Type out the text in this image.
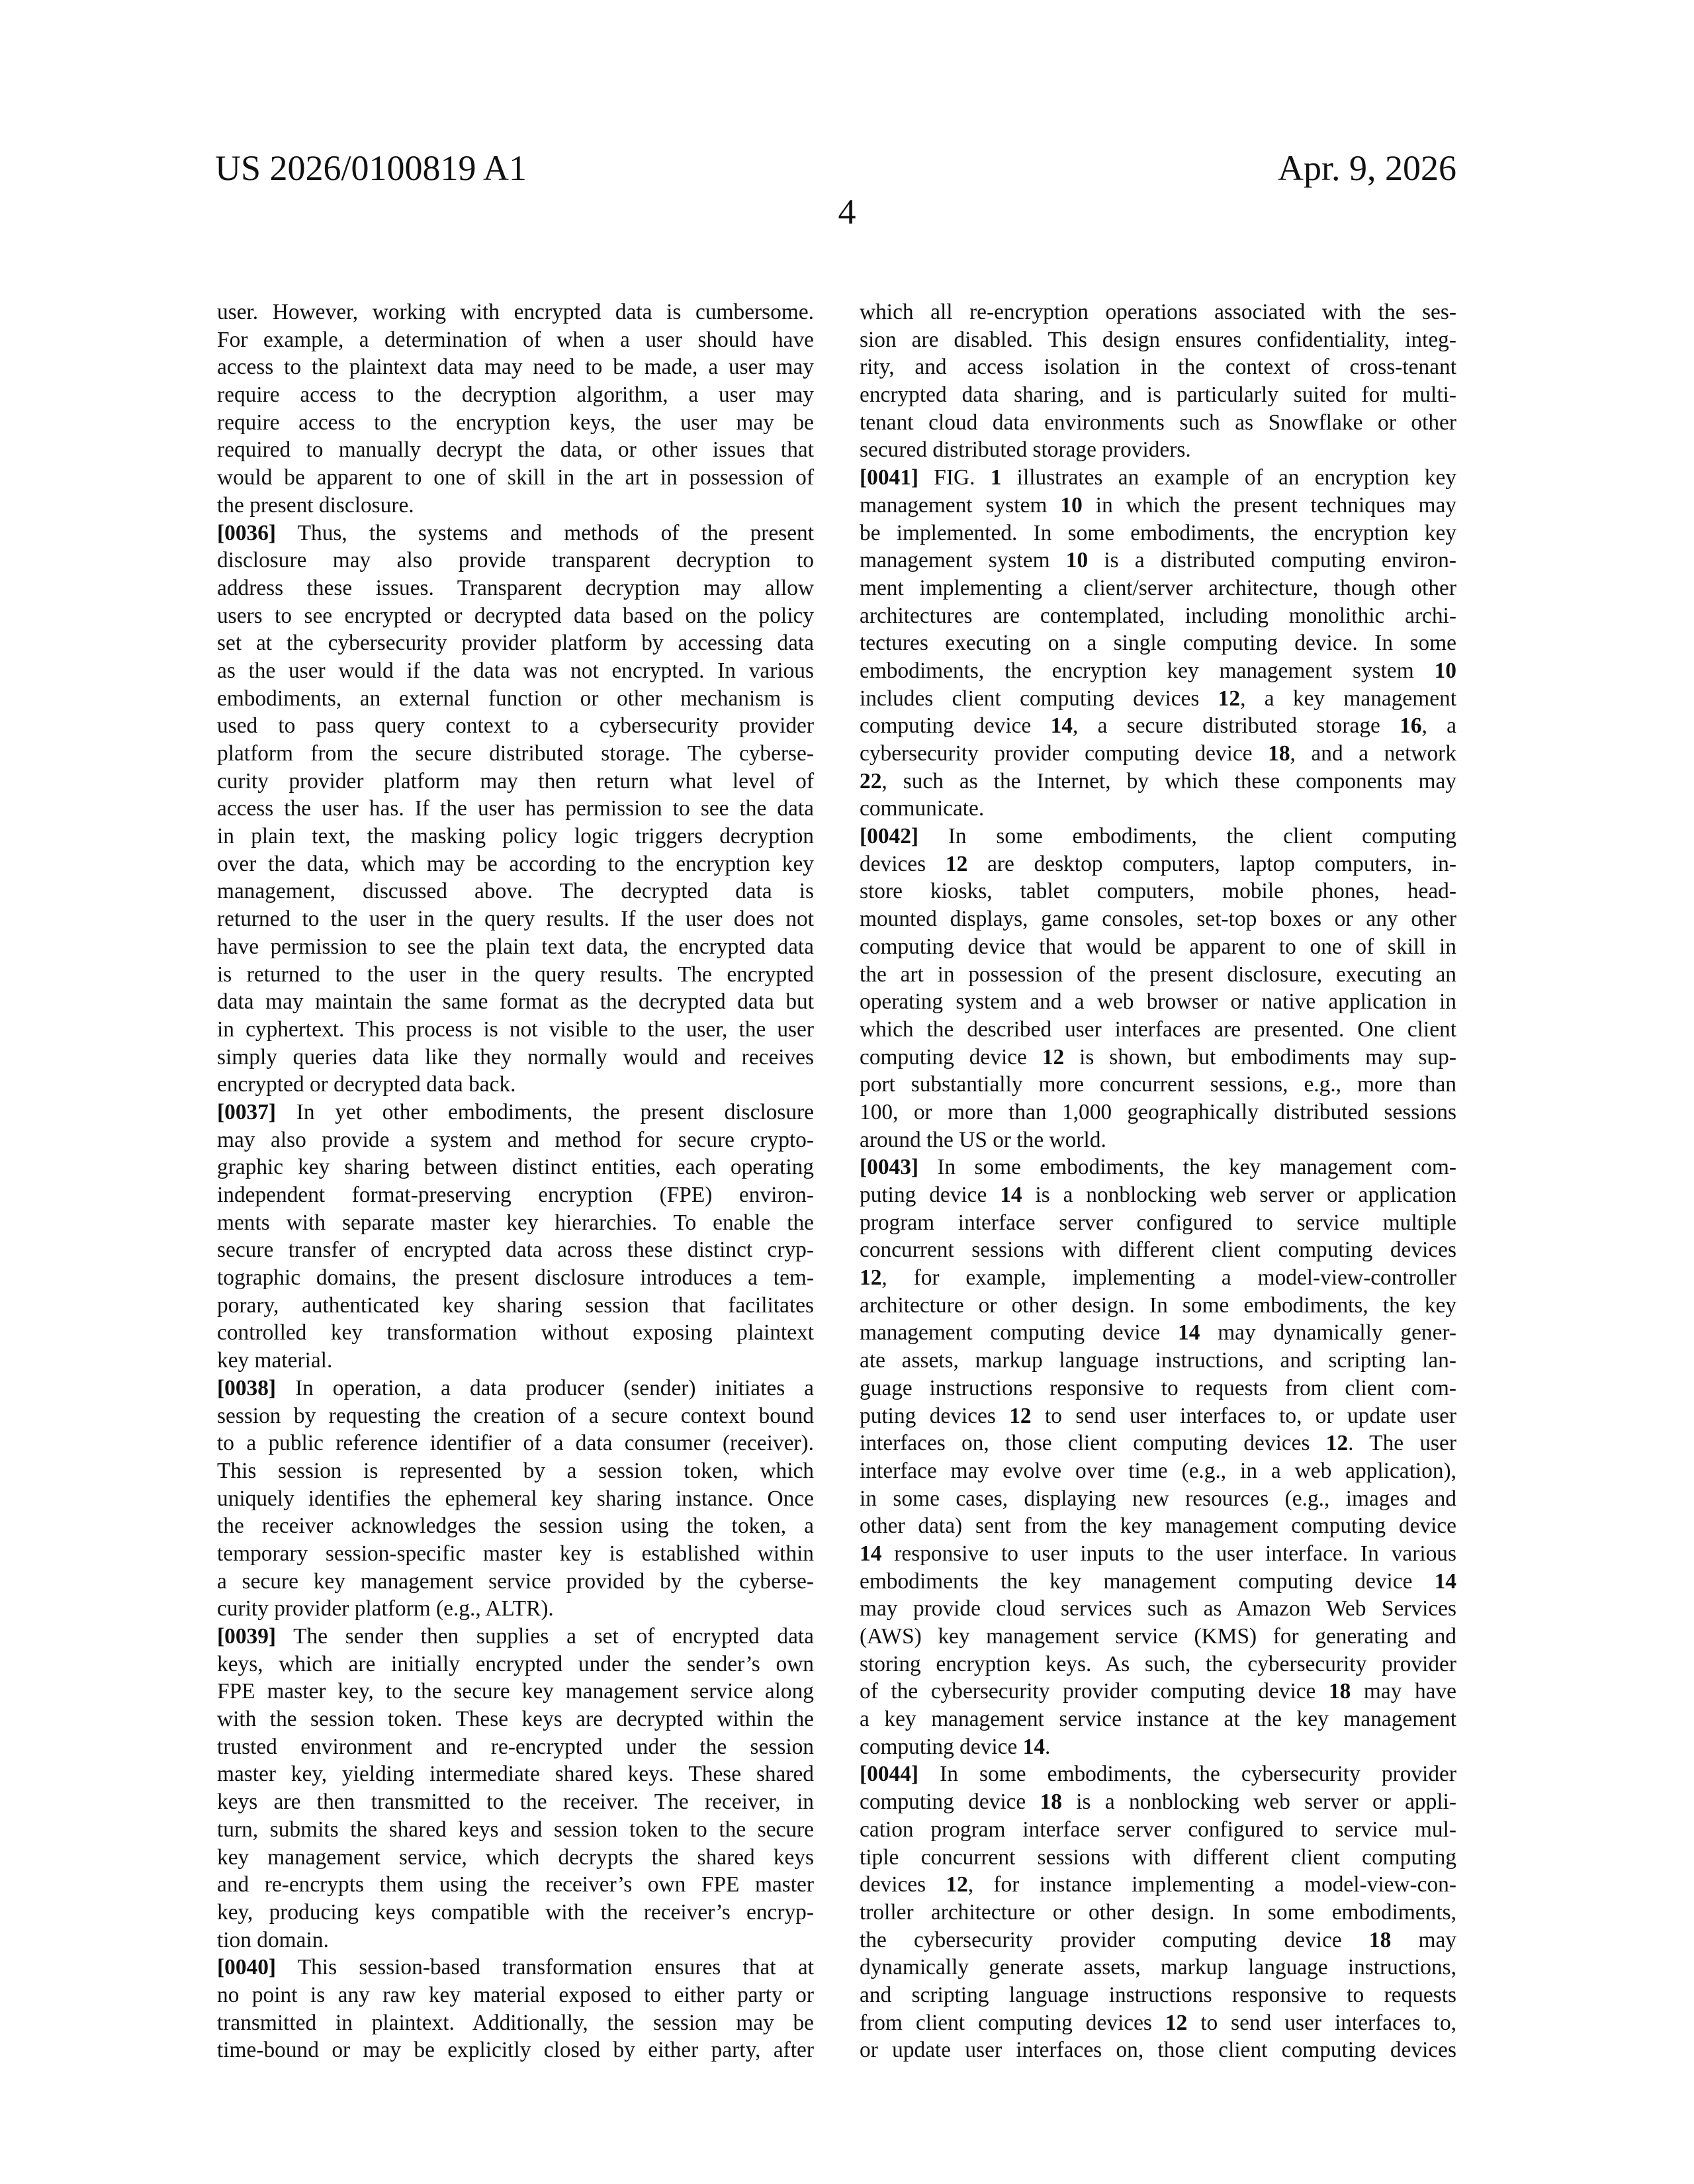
US 2026/0100819 A1	Apr. 9, 2026
4
user. However, working with encrypted data is cumbersome.
For example, a determination of when a user should have
access to the plaintext data may need to be made, a user may
require access to the decryption algorithm, a user may
require access to the encryption keys, the user may be
required to manually decrypt the data, or other issues that
would be apparent to one of skill in the art in possession of
the present disclosure.
[0036] Thus, the systems and methods of the present
disclosure may also provide transparent decryption to
address these issues. Transparent decryption may allow
users to see encrypted or decrypted data based on the policy
set at the cybersecurity provider platform by accessing data
as the user would if the data was not encrypted. In various
embodiments, an external function or other mechanism is
used to pass query context to a cybersecurity provider
platform from the secure distributed storage. The cyberse-
curity provider platform may then return what level of
access the user has. If the user has permission to see the data
in plain text, the masking policy logic triggers decryption
over the data, which may be according to the encryption key
management, discussed above. The decrypted data is
returned to the user in the query results. If the user does not
have permission to see the plain text data, the encrypted data
is returned to the user in the query results. The encrypted
data may maintain the same format as the decrypted data but
in cyphertext. This process is not visible to the user, the user
simply queries data like they normally would and receives
encrypted or decrypted data back.
[0037] In yet other embodiments, the present disclosure
may also provide a system and method for secure crypto-
graphic key sharing between distinct entities, each operating
independent format-preserving encryption (FPE) environ-
ments with separate master key hierarchies. To enable the
secure transfer of encrypted data across these distinct cryp-
tographic domains, the present disclosure introduces a tem-
porary, authenticated key sharing session that facilitates
controlled key transformation without exposing plaintext
key material.
[0038] In operation, a data producer (sender) initiates a
session by requesting the creation of a secure context bound
to a public reference identifier of a data consumer (receiver).
This session is represented by a session token, which
uniquely identifies the ephemeral key sharing instance. Once
the receiver acknowledges the session using the token, a
temporary session-specific master key is established within
a secure key management service provided by the cyberse-
curity provider platform (e.g., ALTR).
[0039] The sender then supplies a set of encrypted data
keys, which are initially encrypted under the sender’s own
FPE master key, to the secure key management service along
with the session token. These keys are decrypted within the
trusted environment and re-encrypted under the session
master key, yielding intermediate shared keys. These shared
keys are then transmitted to the receiver. The receiver, in
turn, submits the shared keys and session token to the secure
key management service, which decrypts the shared keys
and re-encrypts them using the receiver’s own FPE master
key, producing keys compatible with the receiver’s encryp-
tion domain.
[0040] This session-based transformation ensures that at
no point is any raw key material exposed to either party or
transmitted in plaintext. Additionally, the session may be
time-bound or may be explicitly closed by either party, after
which all re-encryption operations associated with the ses-
sion are disabled. This design ensures confidentiality, integ-
rity, and access isolation in the context of cross-tenant
encrypted data sharing, and is particularly suited for multi-
tenant cloud data environments such as Snowflake or other
secured distributed storage providers.
[0041] FIG. 1 illustrates an example of an encryption key
management system 10 in which the present techniques may
be implemented. In some embodiments, the encryption key
management system 10 is a distributed computing environ-
ment implementing a client/server architecture, though other
architectures are contemplated, including monolithic archi-
tectures executing on a single computing device. In some
embodiments, the encryption key management system 10
includes client computing devices 12, a key management
computing device 14, a secure distributed storage 16, a
cybersecurity provider computing device 18, and a network
22, such as the Internet, by which these components may
communicate.
[0042] In some embodiments, the client computing
devices 12 are desktop computers, laptop computers, in-
store kiosks, tablet computers, mobile phones, head-
mounted displays, game consoles, set-top boxes or any other
computing device that would be apparent to one of skill in
the art in possession of the present disclosure, executing an
operating system and a web browser or native application in
which the described user interfaces are presented. One client
computing device 12 is shown, but embodiments may sup-
port substantially more concurrent sessions, e.g., more than
100, or more than 1,000 geographically distributed sessions
around the US or the world.
[0043] In some embodiments, the key management com-
puting device 14 is a nonblocking web server or application
program interface server configured to service multiple
concurrent sessions with different client computing devices
12, for example, implementing a model-view-controller
architecture or other design. In some embodiments, the key
management computing device 14 may dynamically gener-
ate assets, markup language instructions, and scripting lan-
guage instructions responsive to requests from client com-
puting devices 12 to send user interfaces to, or update user
interfaces on, those client computing devices 12. The user
interface may evolve over time (e.g., in a web application),
in some cases, displaying new resources (e.g., images and
other data) sent from the key management computing device
14 responsive to user inputs to the user interface. In various
embodiments the key management computing device 14
may provide cloud services such as Amazon Web Services
(AWS) key management service (KMS) for generating and
storing encryption keys. As such, the cybersecurity provider
of the cybersecurity provider computing device 18 may have
a key management service instance at the key management
computing device 14.
[0044] In some embodiments, the cybersecurity provider
computing device 18 is a nonblocking web server or appli-
cation program interface server configured to service mul-
tiple concurrent sessions with different client computing
devices 12, for instance implementing a model-view-con-
troller architecture or other design. In some embodiments,
the cybersecurity provider computing device 18 may
dynamically generate assets, markup language instructions,
and scripting language instructions responsive to requests
from client computing devices 12 to send user interfaces to,
or update user interfaces on, those client computing devices
